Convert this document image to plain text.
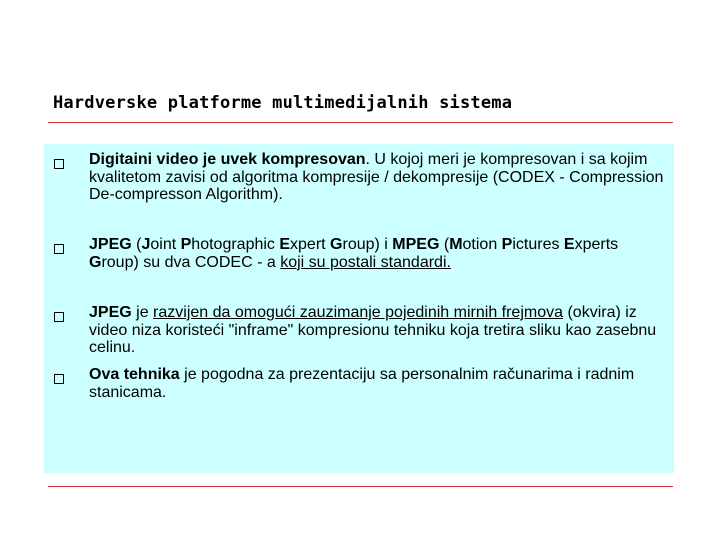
Hardverske platforme multimedijalnih sistema
Digitaini video je uvek kompresovan. U kojoj meri je kompresovan i sa kojim kvalitetom zavisi od algoritma kompresije / dekompresije (CODEX - Compression De-compresson Algorithm).
JPEG (Joint Photographic Expert Group) i MPEG (Motion Pictures Experts Group) su dva CODEC - a koji su postali standardi.
JPEG je razvijen da omogući zauzimanje pojedinih mirnih frejmova (okvira) iz video niza koristeći "inframe" kompresionu tehniku koja tretira sliku kao zasebnu celinu.
Ova tehnika je pogodna za prezentaciju sa personalnim računarima i radnim stanicama.
